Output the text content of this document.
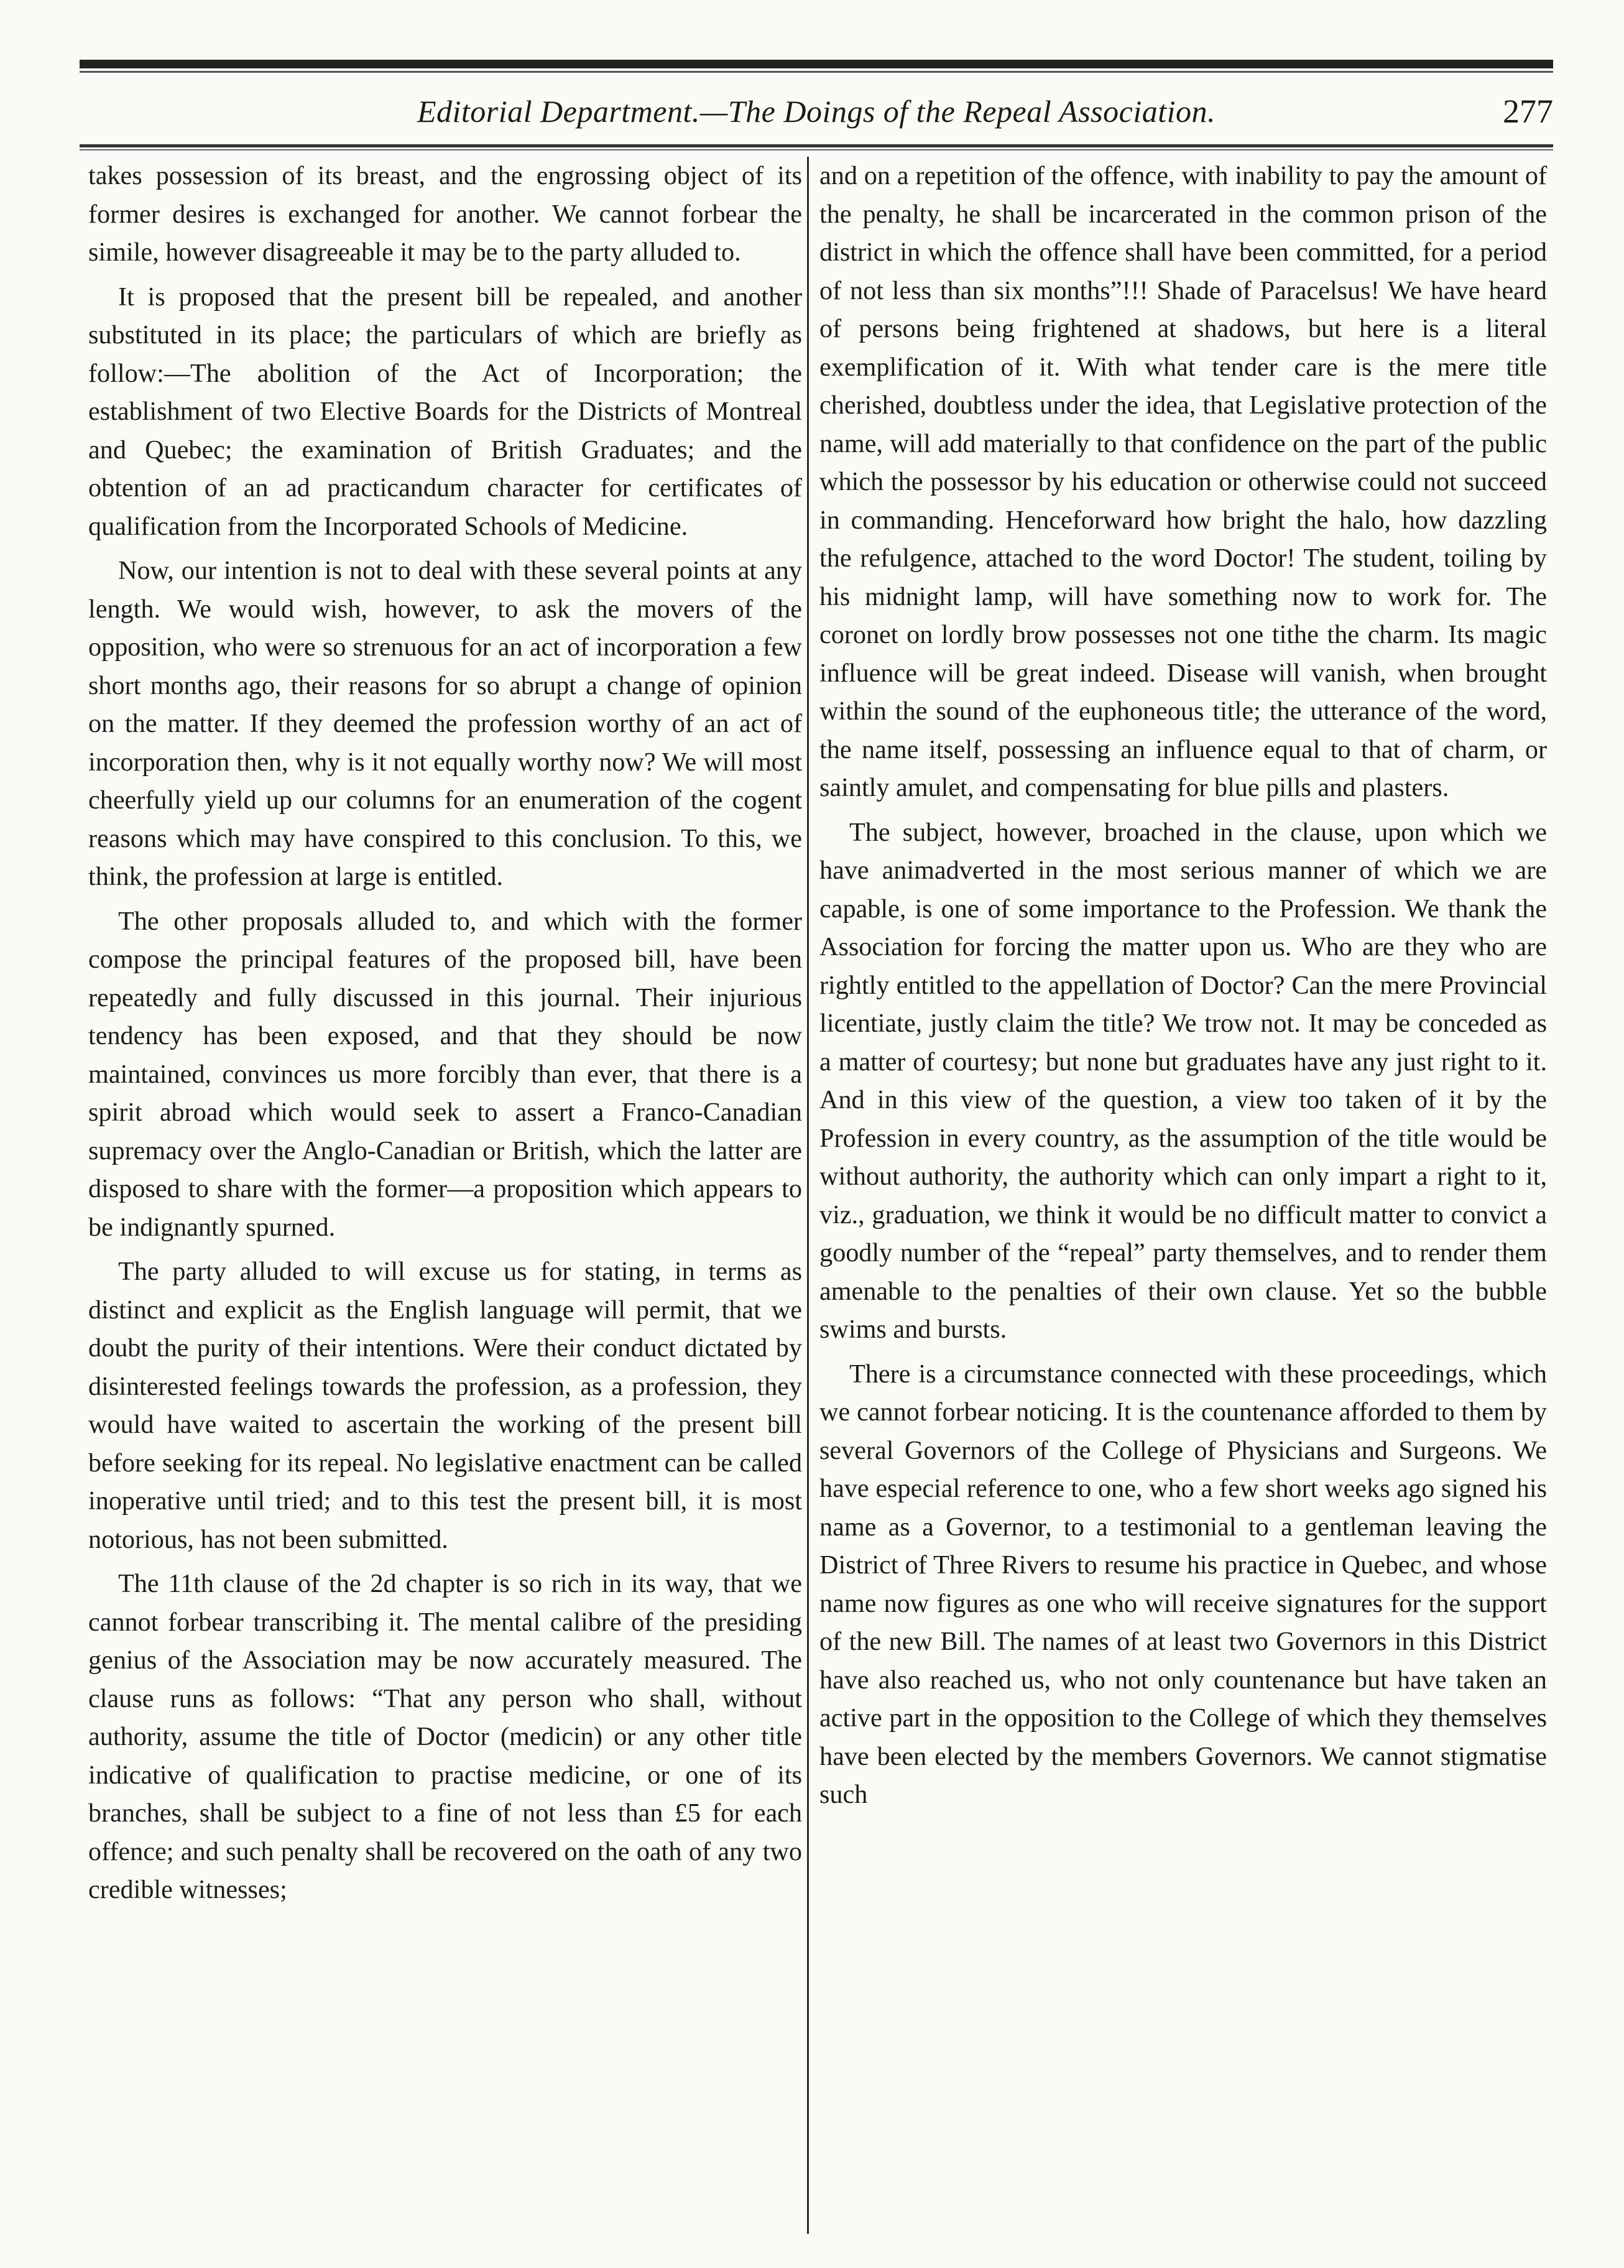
Editorial Department.—The Doings of the Repeal Association.	277

takes possession of its breast, and the engrossing object of its former desires is exchanged for another. We cannot forbear the simile, however disagreeable it may be to the party alluded to.

It is proposed that the present bill be repealed, and another substituted in its place; the particulars of which are briefly as follow:—The abolition of the Act of Incorporation; the establishment of two Elective Boards for the Districts of Montreal and Quebec; the examination of British Graduates; and the obtention of an ad practicandum character for certificates of qualification from the Incorporated Schools of Medicine.

Now, our intention is not to deal with these several points at any length. We would wish, however, to ask the movers of the opposition, who were so strenuous for an act of incorporation a few short months ago, their reasons for so abrupt a change of opinion on the matter. If they deemed the profession worthy of an act of incorporation then, why is it not equally worthy now? We will most cheerfully yield up our columns for an enumeration of the cogent reasons which may have conspired to this conclusion. To this, we think, the profession at large is entitled.

The other proposals alluded to, and which with the former compose the principal features of the proposed bill, have been repeatedly and fully discussed in this journal. Their injurious tendency has been exposed, and that they should be now maintained, convinces us more forcibly than ever, that there is a spirit abroad which would seek to assert a Franco-Canadian supremacy over the Anglo-Canadian or British, which the latter are disposed to share with the former—a proposition which appears to be indignantly spurned.

The party alluded to will excuse us for stating, in terms as distinct and explicit as the English language will permit, that we doubt the purity of their intentions. Were their conduct dictated by disinterested feelings towards the profession, as a profession, they would have waited to ascertain the working of the present bill before seeking for its repeal. No legislative enactment can be called inoperative until tried; and to this test the present bill, it is most notorious, has not been submitted.

The 11th clause of the 2d chapter is so rich in its way, that we cannot forbear transcribing it. The mental calibre of the presiding genius of the Association may be now accurately measured. The clause runs as follows: “That any person who shall, without authority, assume the title of Doctor (medicin) or any other title indicative of qualification to practise medicine, or one of its branches, shall be subject to a fine of not less than £5 for each offence; and such penalty shall be recovered on the oath of any two credible witnesses;

and on a repetition of the offence, with inability to pay the amount of the penalty, he shall be incarcerated in the common prison of the district in which the offence shall have been committed, for a period of not less than six months”!!! Shade of Paracelsus! We have heard of persons being frightened at shadows, but here is a literal exemplification of it. With what tender care is the mere title cherished, doubtless under the idea, that Legislative protection of the name, will add materially to that confidence on the part of the public which the possessor by his education or otherwise could not succeed in commanding. Henceforward how bright the halo, how dazzling the refulgence, attached to the word Doctor! The student, toiling by his midnight lamp, will have something now to work for. The coronet on lordly brow possesses not one tithe the charm. Its magic influence will be great indeed. Disease will vanish, when brought within the sound of the euphoneous title; the utterance of the word, the name itself, possessing an influence equal to that of charm, or saintly amulet, and compensating for blue pills and plasters.

The subject, however, broached in the clause, upon which we have animadverted in the most serious manner of which we are capable, is one of some importance to the Profession. We thank the Association for forcing the matter upon us. Who are they who are rightly entitled to the appellation of Doctor? Can the mere Provincial licentiate, justly claim the title? We trow not. It may be conceded as a matter of courtesy; but none but graduates have any just right to it. And in this view of the question, a view too taken of it by the Profession in every country, as the assumption of the title would be without authority, the authority which can only impart a right to it, viz., graduation, we think it would be no difficult matter to convict a goodly number of the “repeal” party themselves, and to render them amenable to the penalties of their own clause. Yet so the bubble swims and bursts.

There is a circumstance connected with these proceedings, which we cannot forbear noticing. It is the countenance afforded to them by several Governors of the College of Physicians and Surgeons. We have especial reference to one, who a few short weeks ago signed his name as a Governor, to a testimonial to a gentleman leaving the District of Three Rivers to resume his practice in Quebec, and whose name now figures as one who will receive signatures for the support of the new Bill. The names of at least two Governors in this District have also reached us, who not only countenance but have taken an active part in the opposition to the College of which they themselves have been elected by the members Governors. We cannot stigmatise such
